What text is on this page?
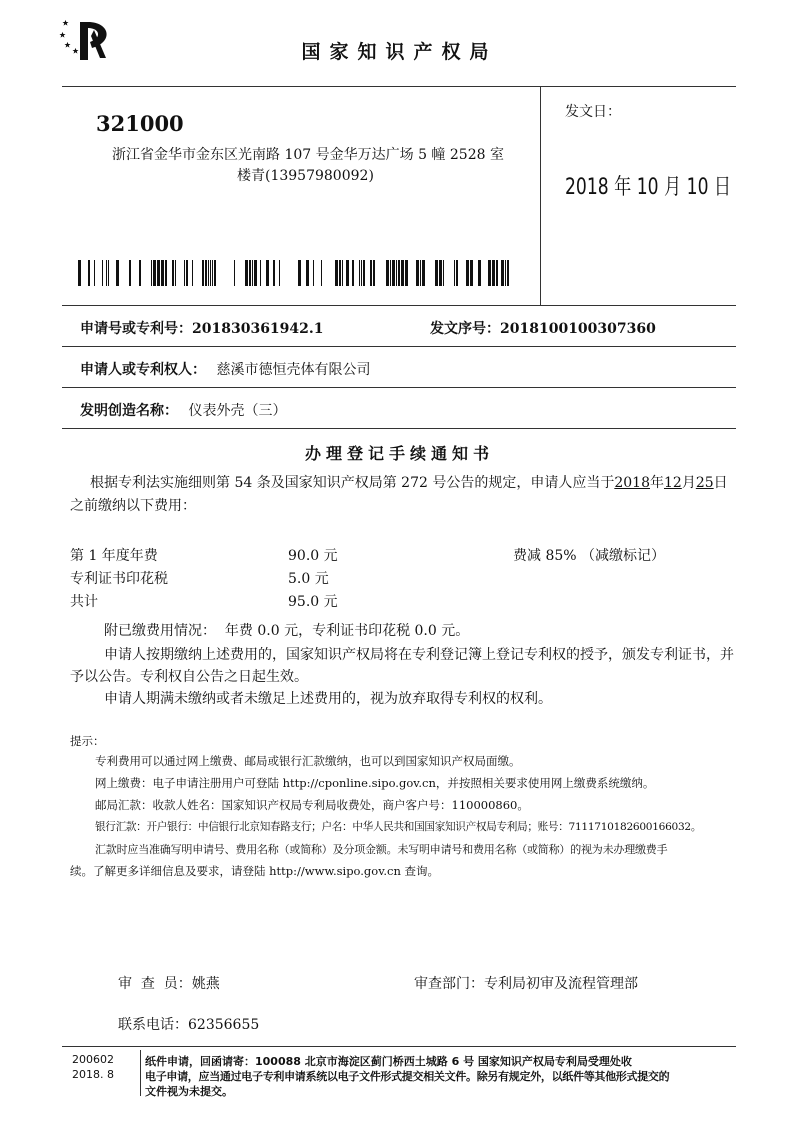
国家知识产权局
321000
浙江省金华市金东区光南路 107 号金华万达广场 5 幢 2528 室
楼青(13957980092)
发文日：
2018 年 10 月 10 日
申请号或专利号：201830361942.1	发文序号：2018100100307360
申请人或专利权人： 慈溪市德恒壳体有限公司
发明创造名称： 仪表外壳（三）
办理登记手续通知书
根据专利法实施细则第 54 条及国家知识产权局第 272 号公告的规定，申请人应当于2018年12月25日
之前缴纳以下费用：
第 1 年度年费	90.0 元	费减 85% （减缴标记）
专利证书印花税	5.0 元
共计	95.0 元
附已缴费用情况：  年费 0.0 元，专利证书印花税 0.0 元。
申请人按期缴纳上述费用的，国家知识产权局将在专利登记簿上登记专利权的授予，颁发专利证书，并
予以公告。专利权自公告之日起生效。
申请人期满未缴纳或者未缴足上述费用的，视为放弃取得专利权的权利。
提示：
专利费用可以通过网上缴费、邮局或银行汇款缴纳，也可以到国家知识产权局面缴。
网上缴费：电子申请注册用户可登陆 http://cponline.sipo.gov.cn，并按照相关要求使用网上缴费系统缴纳。
邮局汇款：收款人姓名：国家知识产权局专利局收费处，商户客户号：110000860。
银行汇款：开户银行：中信银行北京知春路支行；户名：中华人民共和国国家知识产权局专利局；账号：7111710182600166032。
汇款时应当准确写明申请号、费用名称（或简称）及分项金额。未写明申请号和费用名称（或简称）的视为未办理缴费手
续。了解更多详细信息及要求，请登陆 http://www.sipo.gov.cn 查询。
审  查  员：姚燕	审查部门：专利局初审及流程管理部
联系电话：62356655
200602
2018. 8
纸件申请，回函请寄：100088 北京市海淀区蓟门桥西土城路 6 号 国家知识产权局专利局受理处收
电子申请，应当通过电子专利申请系统以电子文件形式提交相关文件。除另有规定外，以纸件等其他形式提交的
文件视为未提交。
